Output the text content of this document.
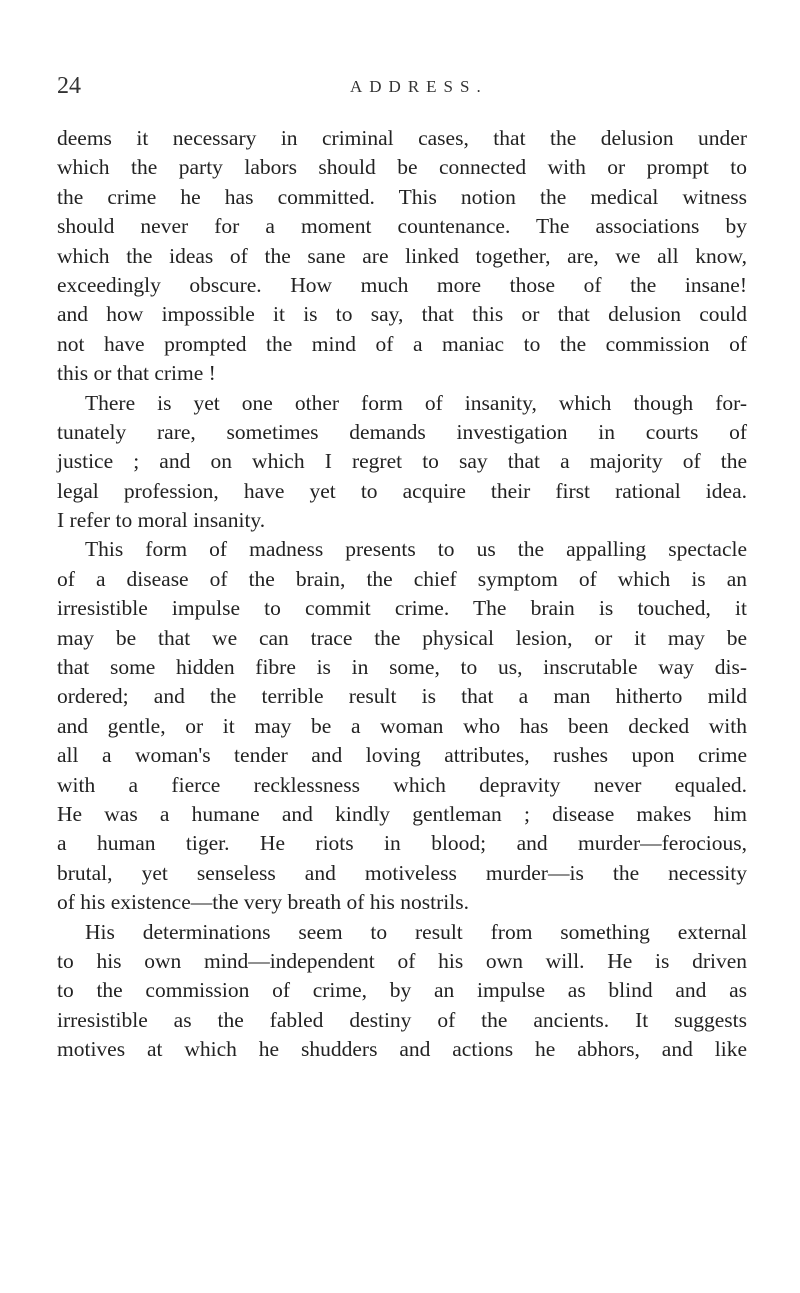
24	ADDRESS.
deems it necessary in criminal cases, that the delusion under
which the party labors should be connected with or prompt to
the crime he has committed. This notion the medical witness
should never for a moment countenance. The associations by
which the ideas of the sane are linked together, are, we all know,
exceedingly obscure. How much more those of the insane!
and how impossible it is to say, that this or that delusion could
not have prompted the mind of a maniac to the commission of
this or that crime !
There is yet one other form of insanity, which though for-
tunately rare, sometimes demands investigation in courts of
justice ; and on which I regret to say that a majority of the
legal profession, have yet to acquire their first rational idea.
I refer to moral insanity.
This form of madness presents to us the appalling spectacle
of a disease of the brain, the chief symptom of which is an
irresistible impulse to commit crime. The brain is touched, it
may be that we can trace the physical lesion, or it may be
that some hidden fibre is in some, to us, inscrutable way dis-
ordered; and the terrible result is that a man hitherto mild
and gentle, or it may be a woman who has been decked with
all a woman's tender and loving attributes, rushes upon crime
with a fierce recklessness which depravity never equaled.
He was a humane and kindly gentleman ; disease makes him
a human tiger. He riots in blood; and murder—ferocious,
brutal, yet senseless and motiveless murder—is the necessity
of his existence—the very breath of his nostrils.
His determinations seem to result from something external
to his own mind—independent of his own will. He is driven
to the commission of crime, by an impulse as blind and as
irresistible as the fabled destiny of the ancients. It suggests
motives at which he shudders and actions he abhors, and like
